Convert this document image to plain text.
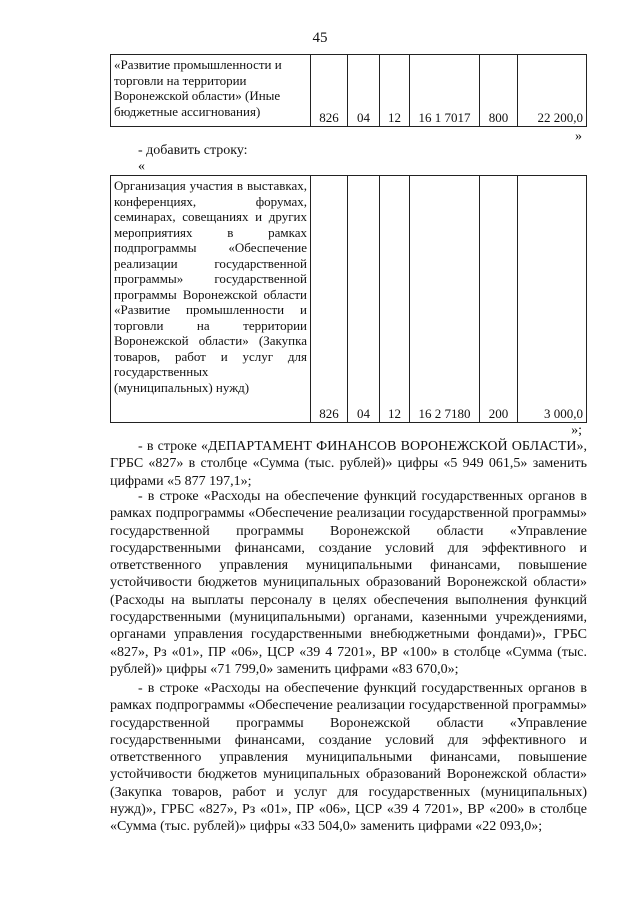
45
«Развитие промышленности и торговли на территории Воронежской области» (Иные бюджетные ассигнования)	826	04	12	16 1 7017	800	22 200,0
»
- добавить строку:
«
Организация участия в выставках, конференциях, форумах, семинарах, совещаниях и других мероприятиях в рамках подпрограммы «Обеспечение реализации государственной программы» государственной программы Воронежской области «Развитие промышленности и торговли на территории Воронежской области» (Закупка товаров, работ и услуг для государственных (муниципальных) нужд)	826	04	12	16 2 7180	200	3 000,0
»;
- в строке «ДЕПАРТАМЕНТ ФИНАНСОВ ВОРОНЕЖСКОЙ ОБЛАСТИ», ГРБС «827» в столбце «Сумма (тыс. рублей)» цифры «5 949 061,5» заменить цифрами «5 877 197,1»;
- в строке «Расходы на обеспечение функций государственных органов в рамках подпрограммы «Обеспечение реализации государственной программы» государственной программы Воронежской области «Управление государственными финансами, создание условий для эффективного и ответственного управления муниципальными финансами, повышение устойчивости бюджетов муниципальных образований Воронежской области» (Расходы на выплаты персоналу в целях обеспечения выполнения функций государственными (муниципальными) органами, казенными учреждениями, органами управления государственными внебюджетными фондами)», ГРБС «827», Рз «01», ПР «06», ЦСР «39 4 7201», ВР «100» в столбце «Сумма (тыс. рублей)» цифры «71 799,0» заменить цифрами «83 670,0»;
- в строке «Расходы на обеспечение функций государственных органов в рамках подпрограммы «Обеспечение реализации государственной программы» государственной программы Воронежской области «Управление государственными финансами, создание условий для эффективного и ответственного управления муниципальными финансами, повышение устойчивости бюджетов муниципальных образований Воронежской области» (Закупка товаров, работ и услуг для государственных (муниципальных) нужд)», ГРБС «827», Рз «01», ПР «06», ЦСР «39 4 7201», ВР «200» в столбце «Сумма (тыс. рублей)» цифры «33 504,0» заменить цифрами «22 093,0»;
